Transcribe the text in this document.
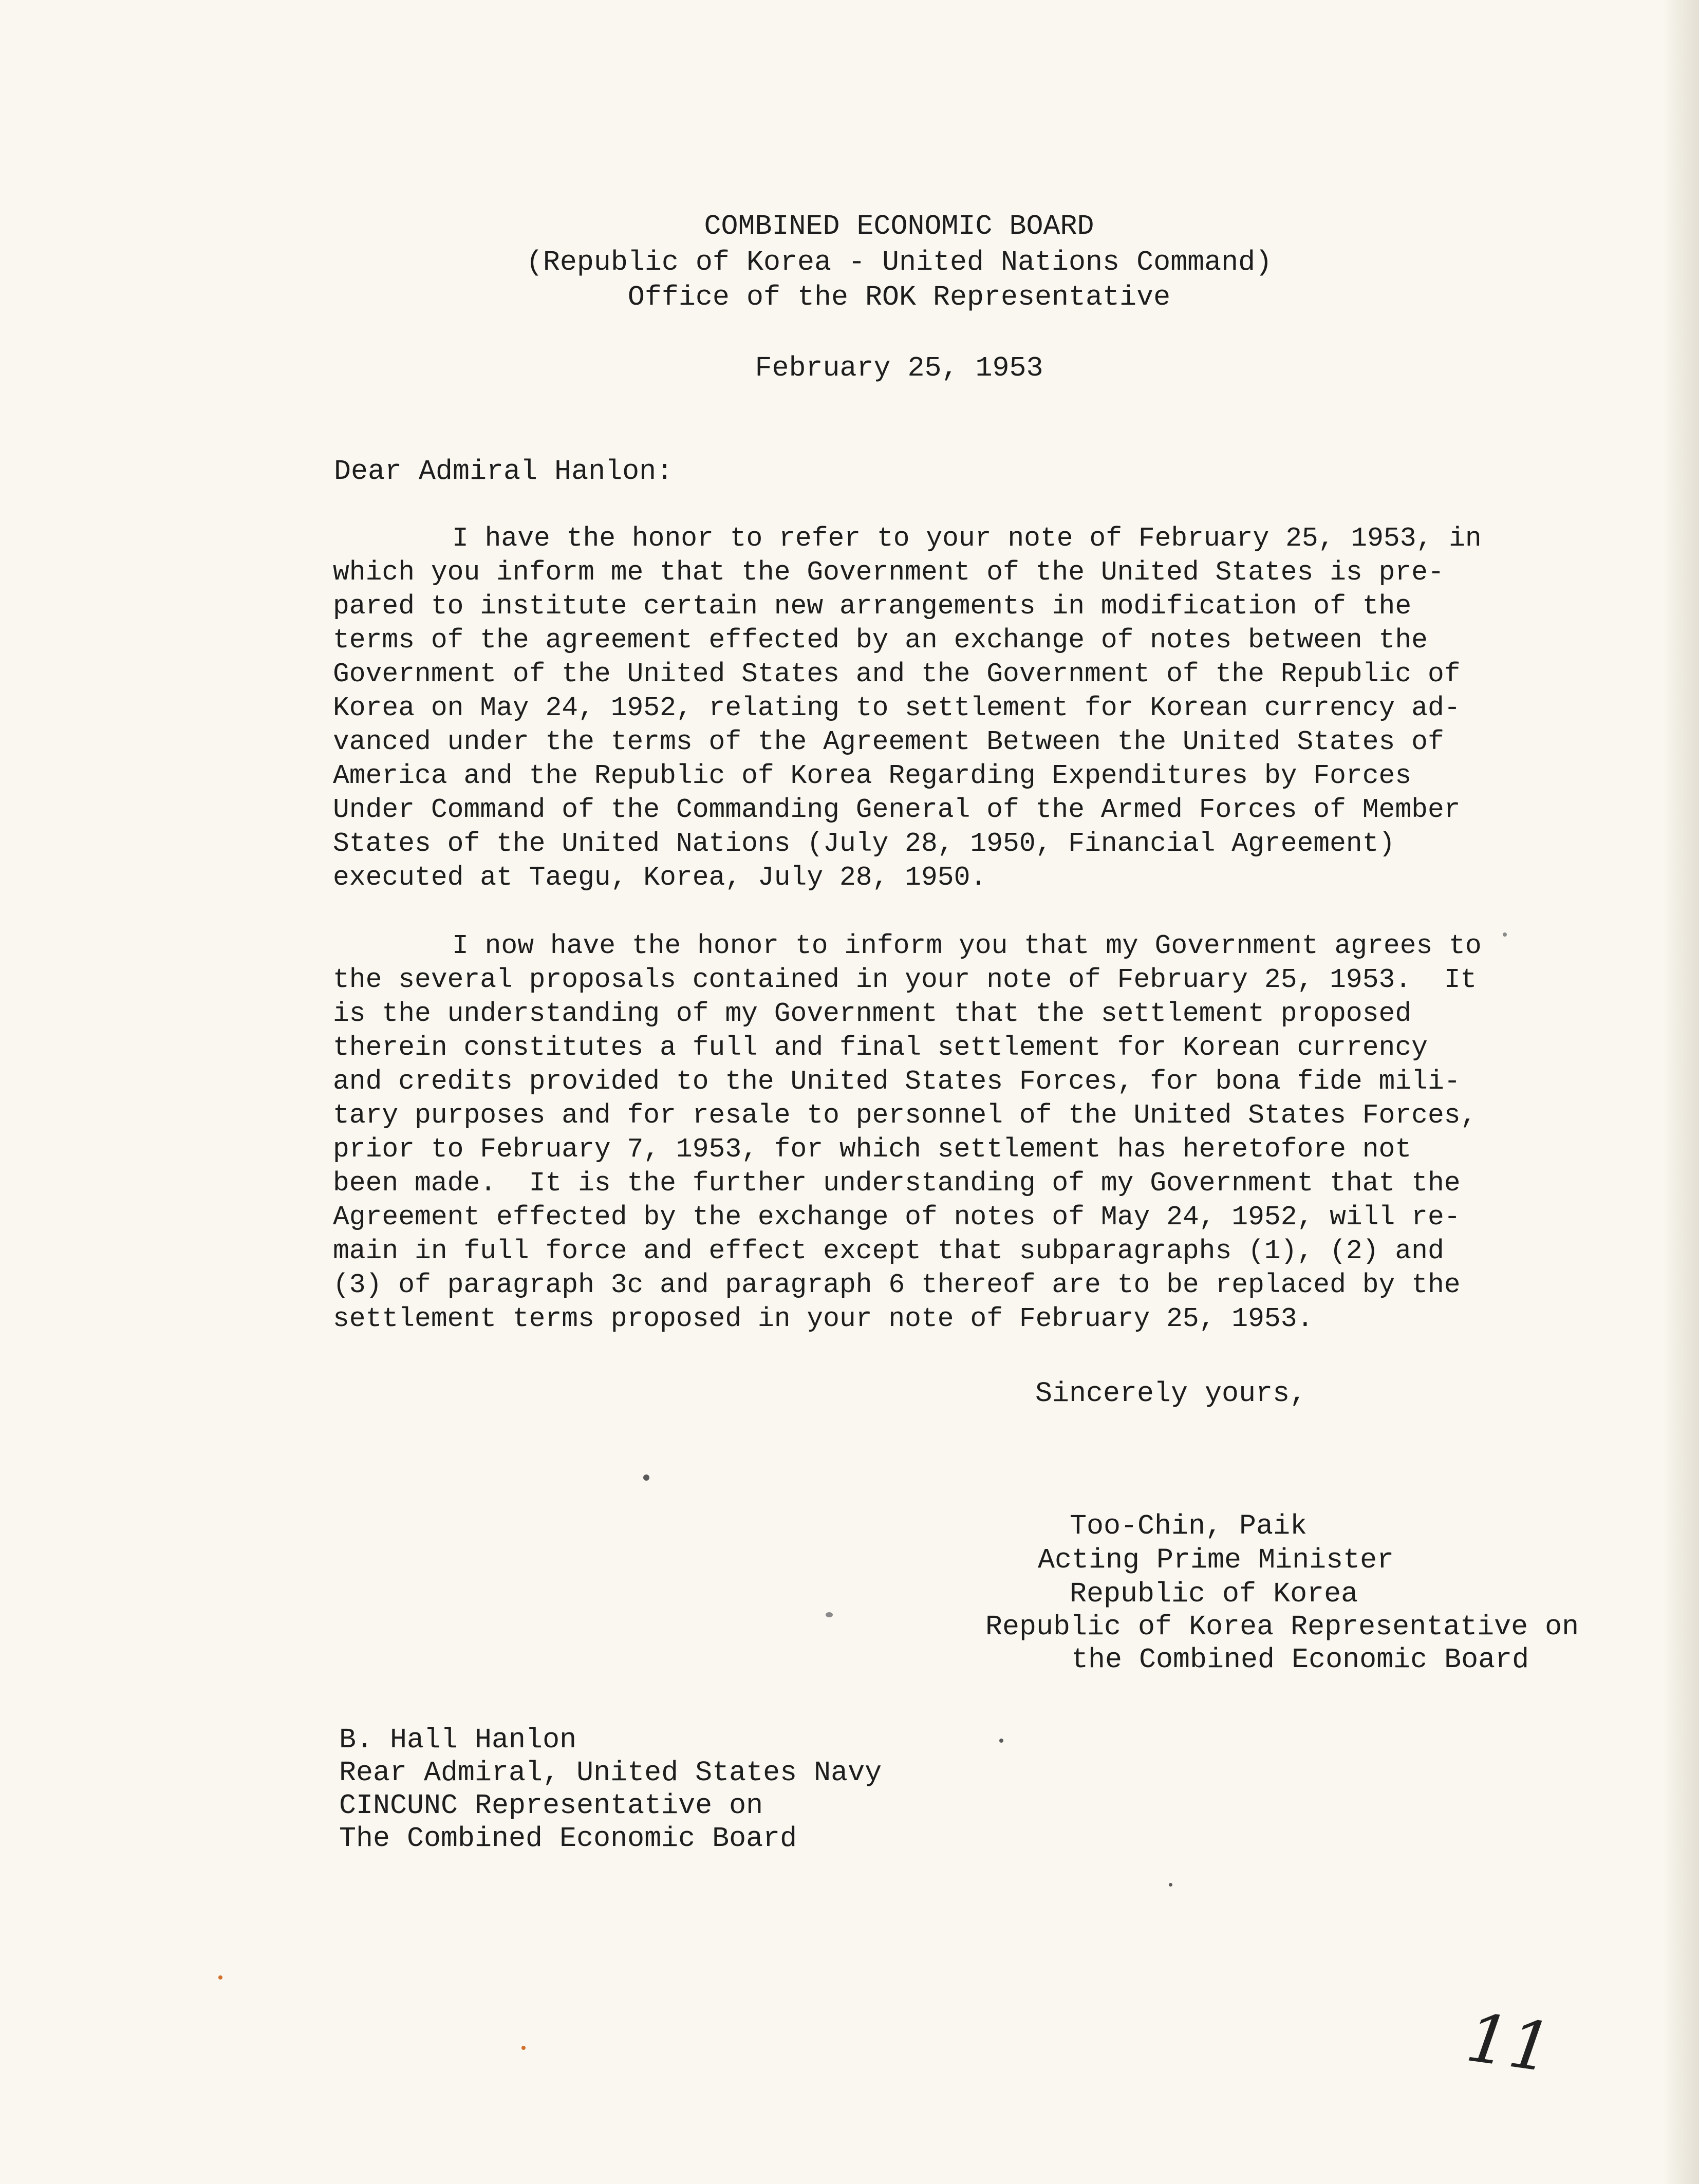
COMBINED ECONOMIC BOARD

(Republic of Korea - United Nations Command)

Office of the ROK Representative

February 25, 1953

Dear Admiral Hanlon:

I have the honor to refer to your note of February 25, 1953, in
which you inform me that the Government of the United States is pre-
pared to institute certain new arrangements in modification of the
terms of the agreement effected by an exchange of notes between the
Government of the United States and the Government of the Republic of
Korea on May 24, 1952, relating to settlement for Korean currency ad-
vanced under the terms of the Agreement Between the United States of
America and the Republic of Korea Regarding Expenditures by Forces
Under Command of the Commanding General of the Armed Forces of Member
States of the United Nations (July 28, 1950, Financial Agreement)
executed at Taegu, Korea, July 28, 1950.
I now have the honor to inform you that my Government agrees to
the several proposals contained in your note of February 25, 1953.  It
is the understanding of my Government that the settlement proposed
therein constitutes a full and final settlement for Korean currency
and credits provided to the United States Forces, for bona fide mili-
tary purposes and for resale to personnel of the United States Forces,
prior to February 7, 1953, for which settlement has heretofore not
been made.  It is the further understanding of my Government that the
Agreement effected by the exchange of notes of May 24, 1952, will re-
main in full force and effect except that subparagraphs (1), (2) and
(3) of paragraph 3c and paragraph 6 thereof are to be replaced by the
settlement terms proposed in your note of February 25, 1953.

Sincerely yours,

Too-Chin, Paik

Acting Prime Minister

Republic of Korea

Republic of Korea Representative on

the Combined Economic Board

B. Hall Hanlon

Rear Admiral, United States Navy

CINCUNC Representative on

The Combined Economic Board

11
